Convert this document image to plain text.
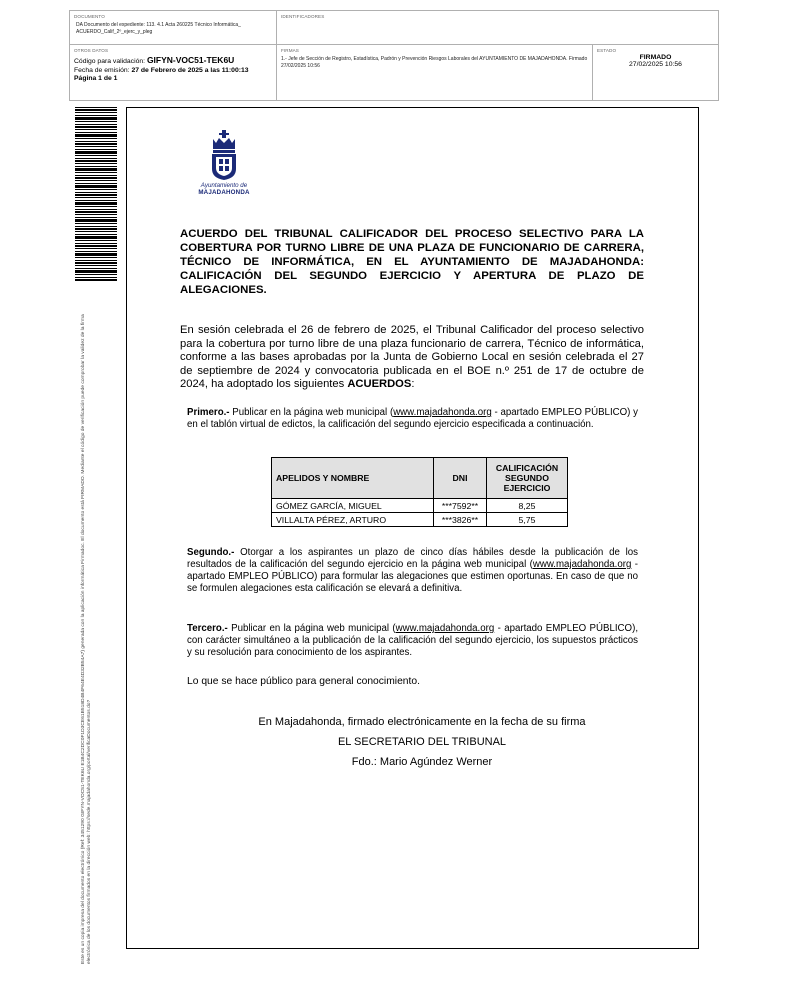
DOCUMENTO
DA Documento del expediente: 113. 4.1 Acta 260225 Técnico Informática_ ACUERDO_Calif_2º_ejerc_y_pleg
IDENTIFICADORES
OTROS DATOS
Código para validación: GIFYN-VOC51-TEK6U
Fecha de emisión: 27 de Febrero de 2025 a las 11:00:13
Página 1 de 1
FIRMAS
1.- Jefe de Sección de Registro, Estadística, Padrón y Prevención Riesgos Laborales del AYUNTAMIENTO DE MAJADAHONDA. Firmado 27/02/2025 10:56
ESTADO
FIRMADO
27/02/2025 10:56
Este es un copia impresa del documento electrónico (Ref: 3451290 GIFYN-VOC51-TEK6U E1B4C2DC0F1D3CE61B518D4B4F64E4D32B54A7) generada con la aplicación informática Firmadoc. El documento está FIRMADO. Mediante el código de verificación puede comprobar la validez de la firma electrónica de los documentos firmados en la dirección web: https://sede.majadahonda.org/portal/verificaDocumentos.do?
Ayuntamiento de
MAJADAHONDA
ACUERDO DEL TRIBUNAL CALIFICADOR DEL PROCESO SELECTIVO PARA LA COBERTURA POR TURNO LIBRE DE UNA PLAZA DE FUNCIONARIO DE CARRERA, TÉCNICO DE INFORMÁTICA, EN EL AYUNTAMIENTO DE MAJADAHONDA: CALIFICACIÓN DEL SEGUNDO EJERCICIO Y APERTURA DE PLAZO DE ALEGACIONES.
En sesión celebrada el 26 de febrero de 2025, el Tribunal Calificador del proceso selectivo para la cobertura por turno libre de una plaza funcionario de carrera, Técnico de informática, conforme a las bases aprobadas por la Junta de Gobierno Local en sesión celebrada el 27 de septiembre de 2024 y convocatoria publicada en el BOE n.º 251 de 17 de octubre de 2024, ha adoptado los siguientes ACUERDOS:
Primero.- Publicar en la página web municipal (www.majadahonda.org - apartado EMPLEO PÚBLICO) y en el tablón virtual de edictos, la calificación del segundo ejercicio especificada a continuación.
APELIDOS Y NOMBRE	DNI	CALIFICACIÓN SEGUNDO EJERCICIO
GÓMEZ GARCÍA, MIGUEL	***7592**	8,25
VILLALTA PÉREZ, ARTURO	***3826**	5,75
Segundo.- Otorgar a los aspirantes un plazo de cinco días hábiles desde la publicación de los resultados de la calificación del segundo ejercicio en la página web municipal (www.majadahonda.org - apartado EMPLEO PÚBLICO) para formular las alegaciones que estimen oportunas. En caso de que no se formulen alegaciones esta calificación se elevará a definitiva.
Tercero.- Publicar en la página web municipal (www.majadahonda.org - apartado EMPLEO PÚBLICO), con carácter simultáneo a la publicación de la calificación del segundo ejercicio, los supuestos prácticos y su resolución para conocimiento de los aspirantes.
Lo que se hace público para general conocimiento.
En Majadahonda, firmado electrónicamente en la fecha de su firma
EL SECRETARIO DEL TRIBUNAL
Fdo.: Mario Agúndez Werner
